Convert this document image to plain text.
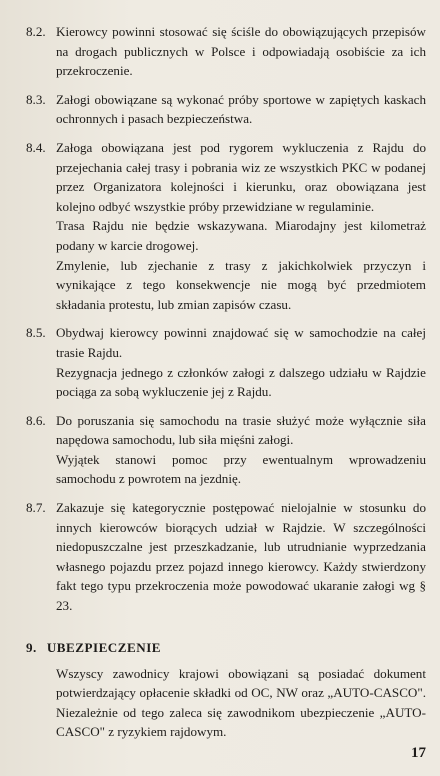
8.2. Kierowcy powinni stosować się ściśle do obowiązujących przepisów na drogach publicznych w Polsce i odpowiadają osobiście za ich przekroczenie.

8.3. Załogi obowiązane są wykonać próby sportowe w zapiętych kaskach ochronnych i pasach bezpieczeństwa.

8.4. Załoga obowiązana jest pod rygorem wykluczenia z Rajdu do przejechania całej trasy i pobrania wiz ze wszystkich PKC w podanej przez Organizatora kolejności i kierunku, oraz obowiązana jest kolejno odbyć wszystkie próby przewidziane w regulaminie.

Trasa Rajdu nie będzie wskazywana. Miarodajny jest kilometraż podany w karcie drogowej.

Zmylenie, lub zjechanie z trasy z jakichkolwiek przyczyn i wynikające z tego konsekwencje nie mogą być przedmiotem składania protestu, lub zmian zapisów czasu.

8.5. Obydwaj kierowcy powinni znajdować się w samochodzie na całej trasie Rajdu.

Rezygnacja jednego z członków załogi z dalszego udziału w Rajdzie pociąga za sobą wykluczenie jej z Rajdu.

8.6. Do poruszania się samochodu na trasie służyć może wyłącznie siła napędowa samochodu, lub siła mięśni załogi.

Wyjątek stanowi pomoc przy ewentualnym wprowadzeniu samochodu z powrotem na jezdnię.

8.7. Zakazuje się kategorycznie postępować nielojalnie w stosunku do innych kierowców biorących udział w Rajdzie. W szczególności niedopuszczalne jest przeszkadzanie, lub utrudnianie wyprzedzania własnego pojazdu przez pojazd innego kierowcy. Każdy stwierdzony fakt tego typu przekroczenia może powodować ukaranie załogi wg § 23.

9. UBEZPIECZENIE

Wszyscy zawodnicy krajowi obowiązani są posiadać dokument potwierdzający opłacenie składki od OC, NW oraz „AUTO-CASCO". Niezależnie od tego zaleca się zawodnikom ubezpieczenie „AUTO-CASCO" z ryzykiem rajdowym.

17
